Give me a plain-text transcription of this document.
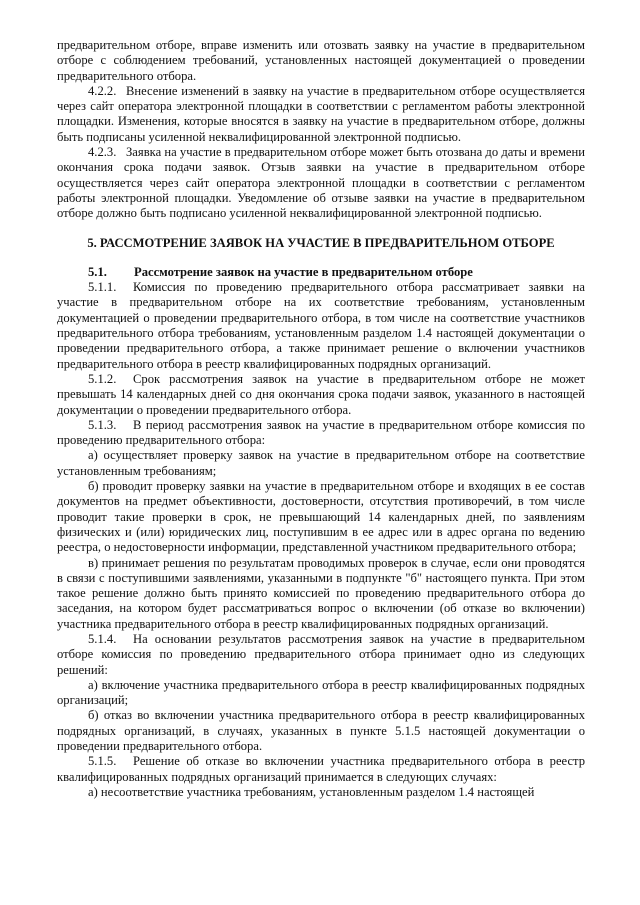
предварительном отборе, вправе изменить или отозвать заявку на участие в предварительном отборе с соблюдением требований, установленных настоящей документацией о проведении предварительного отбора.

4.2.2. Внесение изменений в заявку на участие в предварительном отборе осуществляется через сайт оператора электронной площадки в соответствии с регламентом работы электронной площадки. Изменения, которые вносятся в заявку на участие в предварительном отборе, должны быть подписаны усиленной неквалифицированной электронной подписью.

4.2.3. Заявка на участие в предварительном отборе может быть отозвана до даты и времени окончания срока подачи заявок. Отзыв заявки на участие в предварительном отборе осуществляется через сайт оператора электронной площадки в соответствии с регламентом работы электронной площадки. Уведомление об отзыве заявки на участие в предварительном отборе должно быть подписано усиленной неквалифицированной электронной подписью.

5. РАССМОТРЕНИЕ ЗАЯВОК НА УЧАСТИЕ В ПРЕДВАРИТЕЛЬНОМ ОТБОРЕ

5.1. Рассмотрение заявок на участие в предварительном отборе

5.1.1. Комиссия по проведению предварительного отбора рассматривает заявки на участие в предварительном отборе на их соответствие требованиям, установленным документацией о проведении предварительного отбора, в том числе на соответствие участников предварительного отбора требованиям, установленным разделом 1.4 настоящей документации о проведении предварительного отбора, а также принимает решение о включении участников предварительного отбора в реестр квалифицированных подрядных организаций.

5.1.2. Срок рассмотрения заявок на участие в предварительном отборе не может превышать 14 календарных дней со дня окончания срока подачи заявок, указанного в настоящей документации о проведении предварительного отбора.

5.1.3. В период рассмотрения заявок на участие в предварительном отборе комиссия по проведению предварительного отбора:

а) осуществляет проверку заявок на участие в предварительном отборе на соответствие установленным требованиям;

б) проводит проверку заявки на участие в предварительном отборе и входящих в ее состав документов на предмет объективности, достоверности, отсутствия противоречий, в том числе проводит такие проверки в срок, не превышающий 14 календарных дней, по заявлениям физических и (или) юридических лиц, поступившим в ее адрес или в адрес органа по ведению реестра, о недостоверности информации, представленной участником предварительного отбора;

в) принимает решения по результатам проводимых проверок в случае, если они проводятся в связи с поступившими заявлениями, указанными в подпункте "б" настоящего пункта. При этом такое решение должно быть принято комиссией по проведению предварительного отбора до заседания, на котором будет рассматриваться вопрос о включении (об отказе во включении) участника предварительного отбора в реестр квалифицированных подрядных организаций.

5.1.4. На основании результатов рассмотрения заявок на участие в предварительном отборе комиссия по проведению предварительного отбора принимает одно из следующих решений:

а) включение участника предварительного отбора в реестр квалифицированных подрядных организаций;

б) отказ во включении участника предварительного отбора в реестр квалифицированных подрядных организаций, в случаях, указанных в пункте 5.1.5 настоящей документации о проведении предварительного отбора.

5.1.5. Решение об отказе во включении участника предварительного отбора в реестр квалифицированных подрядных организаций принимается в следующих случаях:

а) несоответствие участника требованиям, установленным разделом 1.4 настоящей
